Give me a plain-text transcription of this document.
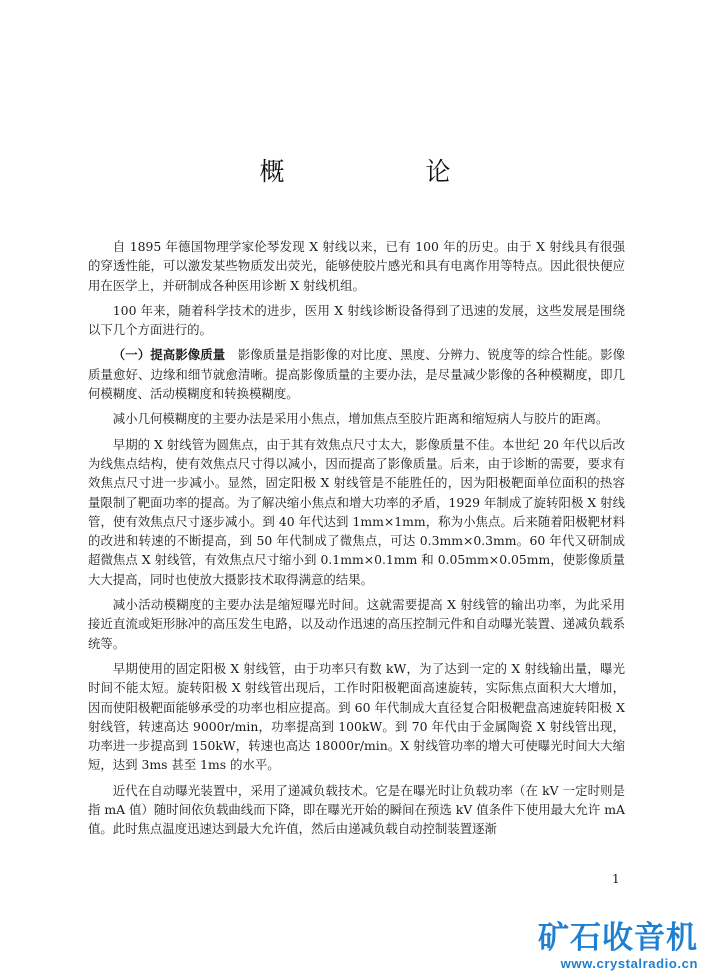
概　论

自 1895 年德国物理学家伦琴发现 X 射线以来，已有 100 年的历史。由于 X 射线具有很强的穿透性能，可以激发某些物质发出荧光，能够使胶片感光和具有电离作用等特点。因此很快便应用在医学上，并研制成各种医用诊断 X 射线机组。

100 年来，随着科学技术的进步，医用 X 射线诊断设备得到了迅速的发展，这些发展是围绕以下几个方面进行的。

（一）提高影像质量　 影像质量是指影像的对比度、黑度、分辨力、锐度等的综合性能。影像质量愈好、边缘和细节就愈清晰。提高影像质量的主要办法，是尽量减少影像的各种模糊度，即几何模糊度、活动模糊度和转换模糊度。

减小几何模糊度的主要办法是采用小焦点，增加焦点至胶片距离和缩短病人与胶片的距离。

早期的 X 射线管为圆焦点，由于其有效焦点尺寸太大，影像质量不佳。本世纪 20 年代以后改为线焦点结构，使有效焦点尺寸得以减小，因而提高了影像质量。后来，由于诊断的需要，要求有效焦点尺寸进一步减小。显然，固定阳极 X 射线管是不能胜任的，因为阳极靶面单位面积的热容量限制了靶面功率的提高。为了解决缩小焦点和增大功率的矛盾，1929 年制成了旋转阳极 X 射线管，使有效焦点尺寸逐步减小。到 40 年代达到 1mm×1mm，称为小焦点。后来随着阳极靶材料的改进和转速的不断提高，到 50 年代制成了微焦点，可达 0.3mm×0.3mm。60 年代又研制成超微焦点 X 射线管，有效焦点尺寸缩小到 0.1mm×0.1mm 和 0.05mm×0.05mm，使影像质量大大提高，同时也使放大摄影技术取得满意的结果。

减小活动模糊度的主要办法是缩短曝光时间。这就需要提高 X 射线管的输出功率，为此采用接近直流或矩形脉冲的高压发生电路，以及动作迅速的高压控制元件和自动曝光装置、递减负载系统等。

早期使用的固定阳极 X 射线管，由于功率只有数 kW，为了达到一定的 X 射线输出量，曝光时间不能太短。旋转阳极 X 射线管出现后，工作时阳极靶面高速旋转，实际焦点面积大大增加，因而使阳极靶面能够承受的功率也相应提高。到 60 年代制成大直径复合阳极靶盘高速旋转阳极 X 射线管，转速高达 9000r/min，功率提高到 100kW。到 70 年代由于金属陶瓷 X 射线管出现，功率进一步提高到 150kW，转速也高达 18000r/min。X 射线管功率的增大可使曝光时间大大缩短，达到 3ms 甚至 1ms 的水平。

近代在自动曝光装置中，采用了递减负载技术。它是在曝光时让负载功率（在 kV 一定时则是指 mA 值）随时间依负载曲线而下降，即在曝光开始的瞬间在预选 kV 值条件下使用最大允许 mA 值。此时焦点温度迅速达到最大允许值，然后由递减负载自动控制装置逐渐

1
矿石收音机
www.crystalradio.cn
